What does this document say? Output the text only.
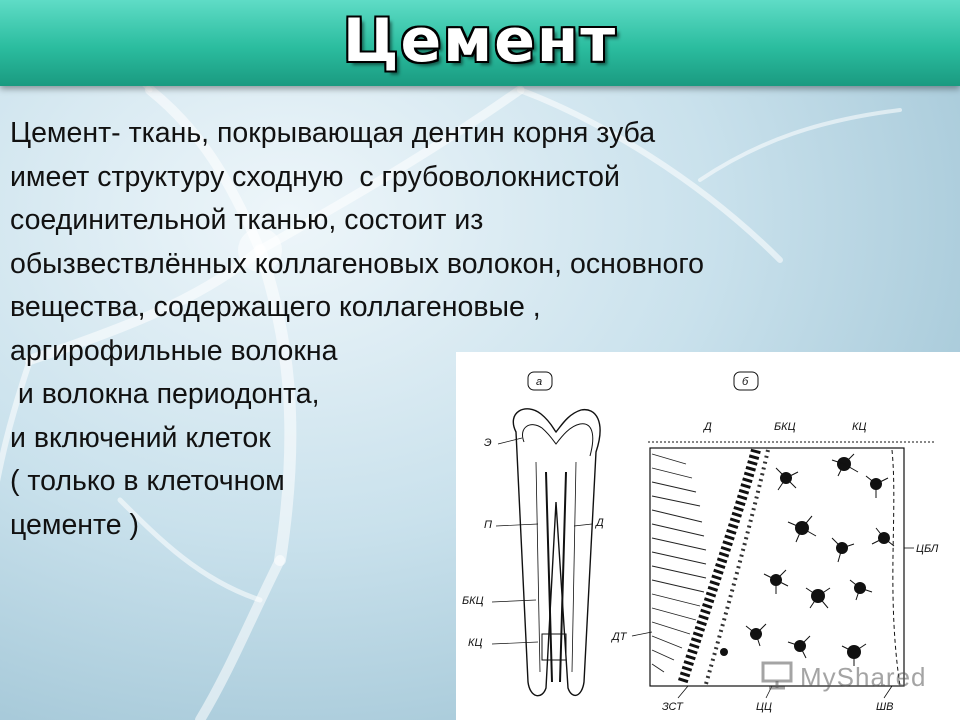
Цемент
Цемент- ткань, покрывающая дентин корня зуба
имеет структуру сходную  с грубоволокнистой
соединительной тканью, состоит из
обызвествлённых коллагеновых волокон, основного
вещества, содержащего коллагеновые ,
аргирофильные волокна
и волокна периодонта,
и включений клеток
( только в клеточном
цементе )
а
Э
П	Д
БКЦ
КЦ
б
Д	БКЦ	КЦ
ЦБЛ
ДТ
ЗСТ	ЦЦ	ШВ
MyShared
